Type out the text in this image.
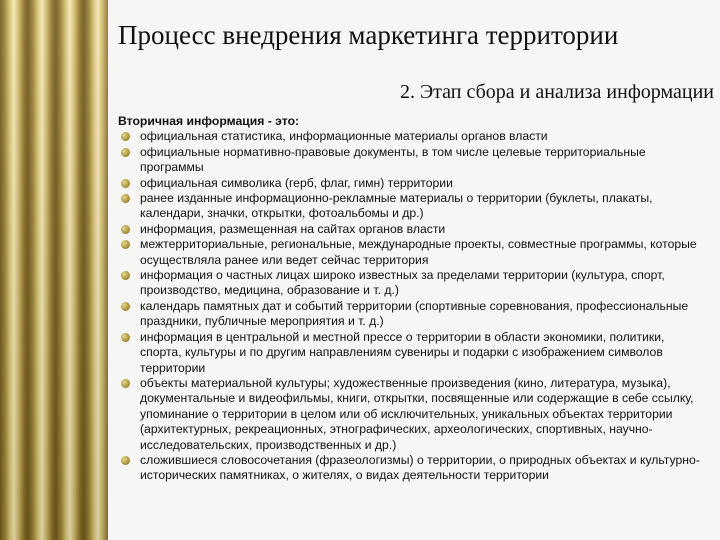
Процесс внедрения маркетинга территории
2. Этап сбора и анализа информации
Вторичная информация - это:
официальная статистика, информационные материалы органов власти
официальные нормативно-правовые документы, в том числе целевые территориальные программы
официальная символика (герб, флаг, гимн) территории
ранее изданные информационно-рекламные материалы о территории (буклеты, плакаты, календари, значки, открытки, фотоальбомы и др.)
информация, размещенная на сайтах органов власти
межтерриториальные, региональные, международные проекты, совместные программы, которые осуществляла ранее или ведет сейчас территория
информация о частных лицах широко известных за пределами территории (культура, спорт, производство, медицина, образование и т. д.)
календарь памятных дат и событий территории (спортивные соревнования, профессиональные праздники, публичные мероприятия и т. д.)
информация в центральной и местной прессе о территории в области экономики, политики, спорта, культуры и по другим направлениям сувениры и подарки с изображением символов территории
объекты материальной культуры; художественные произведения (кино, литература, музыка), документальные и видеофильмы, книги, открытки, посвященные или содержащие в себе ссылку, упоминание о территории в целом или об исключительных, уникальных объектах территории (архитектурных, рекреационных, этнографических, археологических, спортивных, научно-исследовательских, производственных и др.)
сложившиеся словосочетания (фразеологизмы) о территории, о природных объектах и культурно-исторических памятниках, о жителях, о видах деятельности территории
